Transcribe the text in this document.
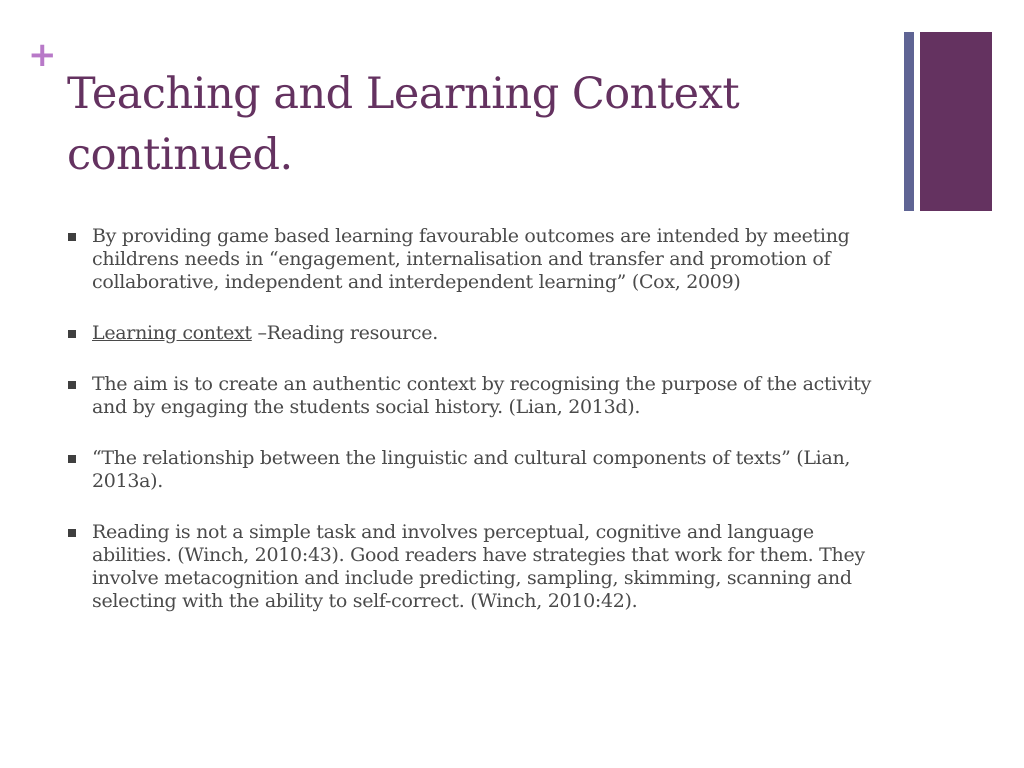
+
Teaching and Learning Context
continued.
By providing game based learning favourable outcomes are intended by meeting childrens needs in “engagement, internalisation and transfer and promotion of collaborative, independent and interdependent learning” (Cox, 2009)
Learning context –Reading resource.
The aim is to create an authentic context by recognising the purpose of the activity and by engaging the students social history. (Lian, 2013d).
“The relationship between the linguistic and cultural components of texts” (Lian, 2013a).
Reading is not a simple task and involves perceptual, cognitive and language abilities. (Winch, 2010:43). Good readers have strategies that work for them. They involve metacognition and include predicting, sampling, skimming, scanning and selecting with the ability to self-correct. (Winch, 2010:42).
